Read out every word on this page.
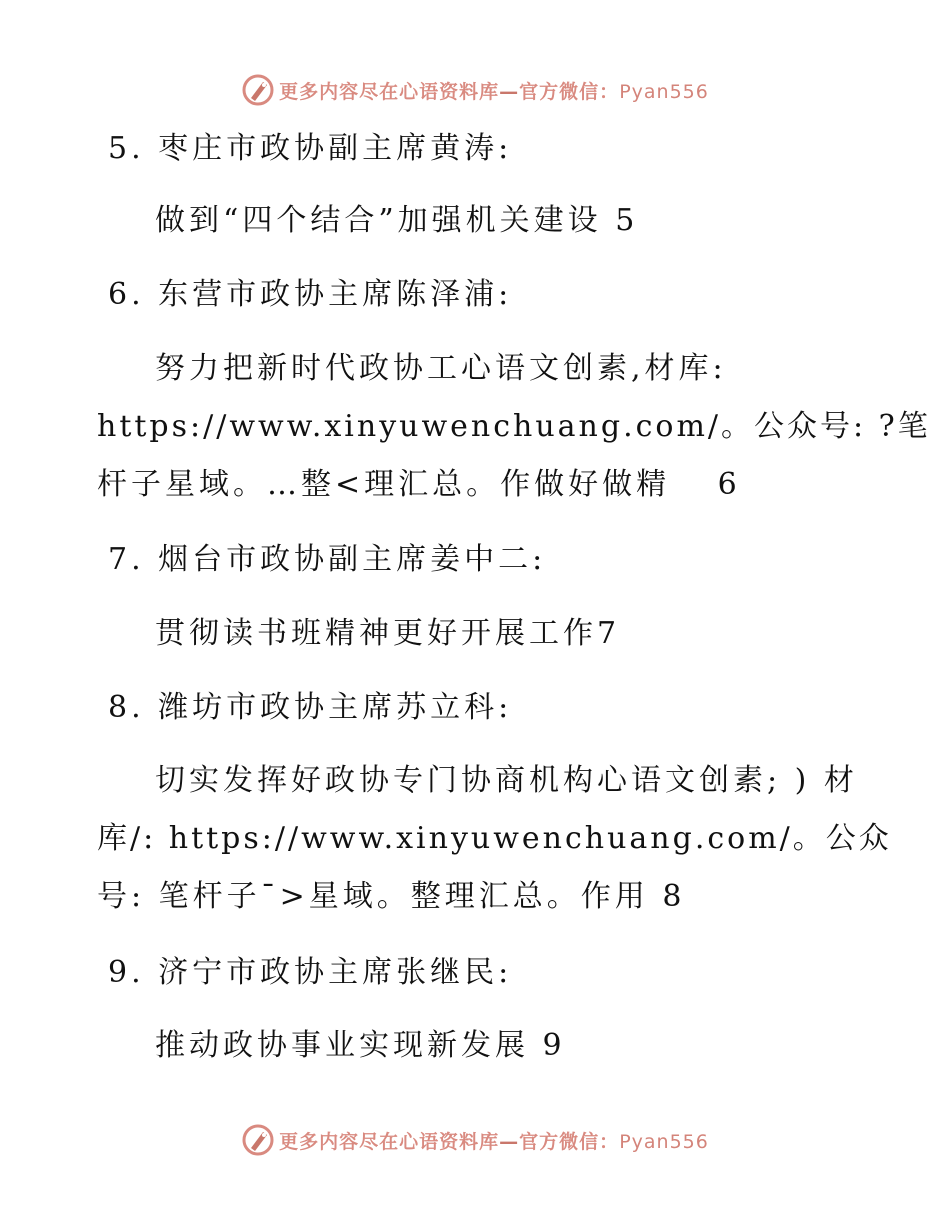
更多内容尽在心语资料库—官方微信：Pyan556
5. 枣庄市政协副主席黄涛:
做到“四个结合”加强机关建设 5
6. 东营市政协主席陈泽浦:
努力把新时代政协工心语文创素,材库:
https://www.xinyuwenchuang.com/。公众号: ?笔
杆子星域。…整<理汇总。作做好做精　 6
7. 烟台市政协副主席姜中二:
贯彻读书班精神更好开展工作7
8. 潍坊市政协主席苏立科:
切实发挥好政协专门协商机构心语文创素; ) 材
库/: https://www.xinyuwenchuang.com/。公众
号: 笔杆子¯>星域。整理汇总。作用 8
9. 济宁市政协主席张继民:
推动政协事业实现新发展 9
更多内容尽在心语资料库—官方微信：Pyan556
